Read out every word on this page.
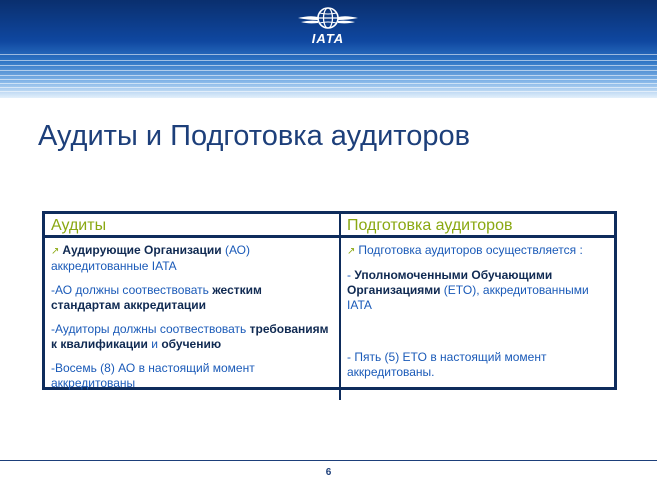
IATA
Аудиты и Подготовка аудиторов
Аудиты	Подготовка аудиторов
↗ Аудирующие Организации (АО) аккредитованные IATA
-АО должны соотвествовать жестким стандартам аккредитации
-Аудиторы должны соотвествовать требованиям к квалификации и обучению
-Восемь (8) АО в настоящий момент аккредитованы
↗ Подготовка аудиторов осуществляется :
- Уполномоченными Обучающими Организациями (ETO), аккредитованными IATA
- Пять (5) ETO в настоящий момент аккредитованы.
6
